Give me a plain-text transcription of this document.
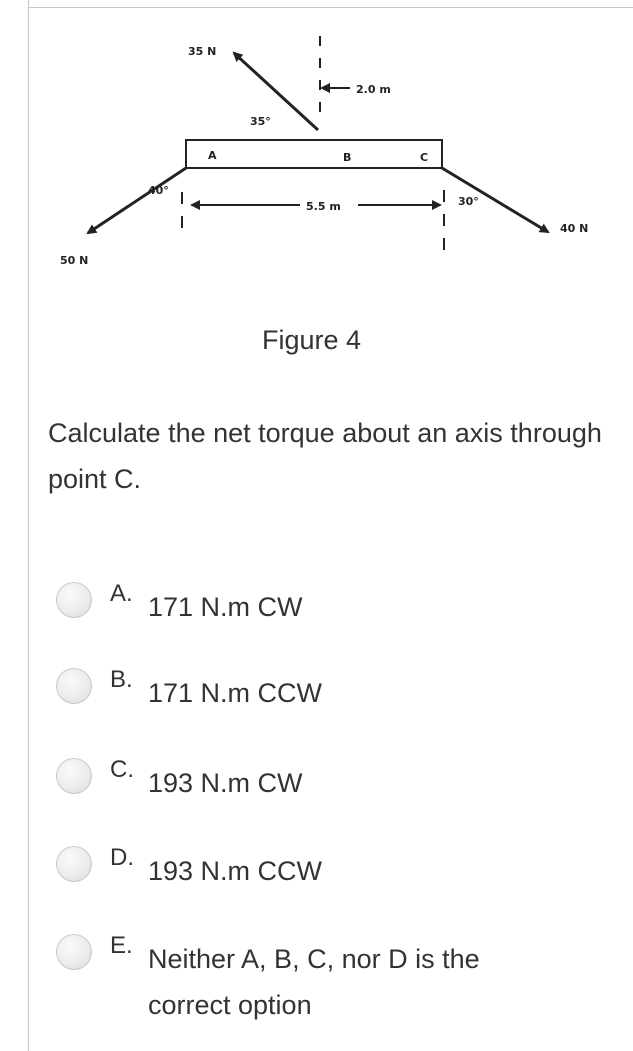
35 N
2.0 m
35°
A	B	C
40°
5.5 m	30°
40 N
50 N
Figure 4
Calculate the net torque about an axis through point C.
A. 171 N.m CW
B. 171 N.m CCW
C. 193 N.m CW
D. 193 N.m CCW
E. Neither A, B, C, nor D is the correct option
